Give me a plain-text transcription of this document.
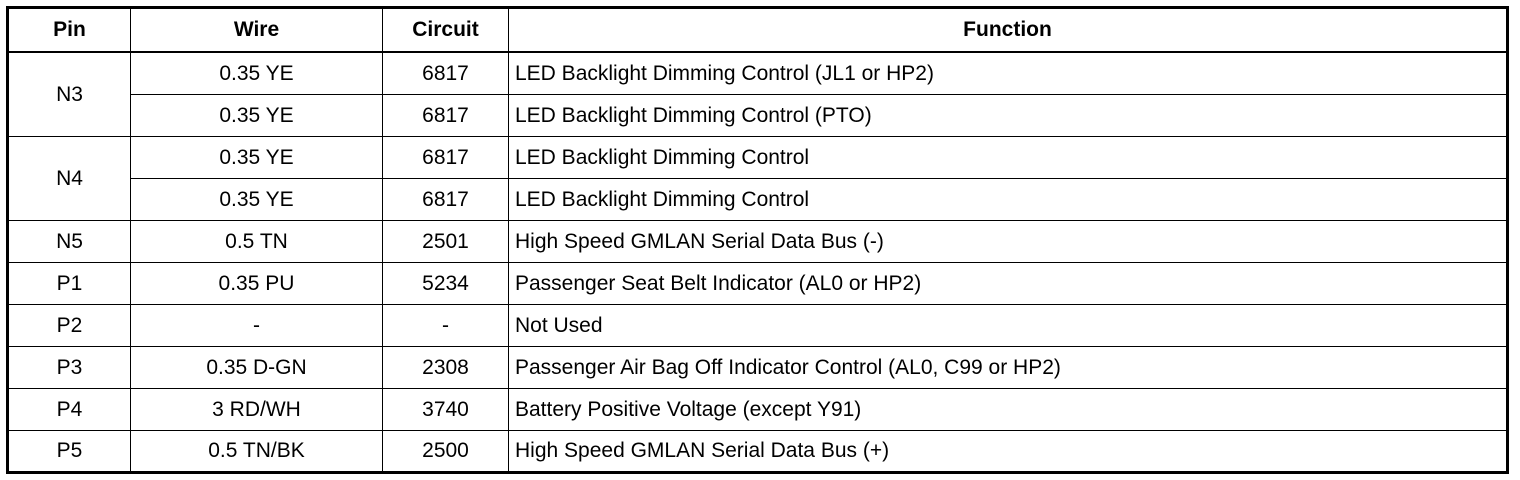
Pin	Wire	Circuit	Function
N3	0.35 YE	6817	LED Backlight Dimming Control (JL1 or HP2)
	0.35 YE	6817	LED Backlight Dimming Control (PTO)
N4	0.35 YE	6817	LED Backlight Dimming Control
	0.35 YE	6817	LED Backlight Dimming Control
N5	0.5 TN	2501	High Speed GMLAN Serial Data Bus (-)
P1	0.35 PU	5234	Passenger Seat Belt Indicator (AL0 or HP2)
P2	-	-	Not Used
P3	0.35 D-GN	2308	Passenger Air Bag Off Indicator Control (AL0, C99 or HP2)
P4	3 RD/WH	3740	Battery Positive Voltage (except Y91)
P5	0.5 TN/BK	2500	High Speed GMLAN Serial Data Bus (+)
